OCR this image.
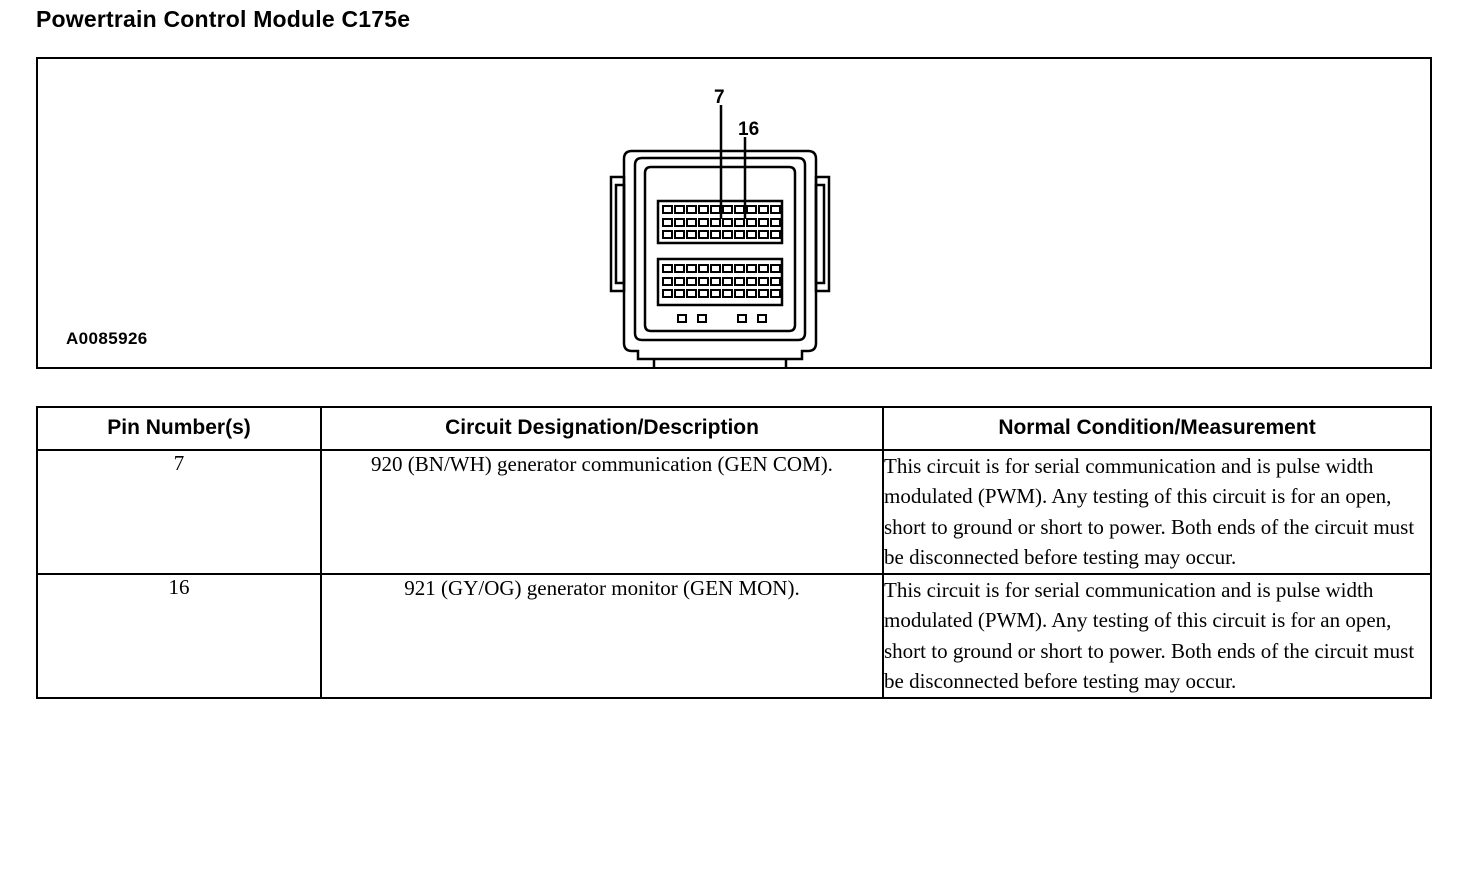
Powertrain Control Module C175e
A0085926
7
16
Pin Number(s)	Circuit Designation/Description	Normal Condition/Measurement
7	920 (BN/WH) generator communication (GEN COM).	This circuit is for serial communication and is pulse width modulated (PWM). Any testing of this circuit is for an open, short to ground or short to power. Both ends of the circuit must be disconnected before testing may occur.
16	921 (GY/OG) generator monitor (GEN MON).	This circuit is for serial communication and is pulse width modulated (PWM). Any testing of this circuit is for an open, short to ground or short to power. Both ends of the circuit must be disconnected before testing may occur.
